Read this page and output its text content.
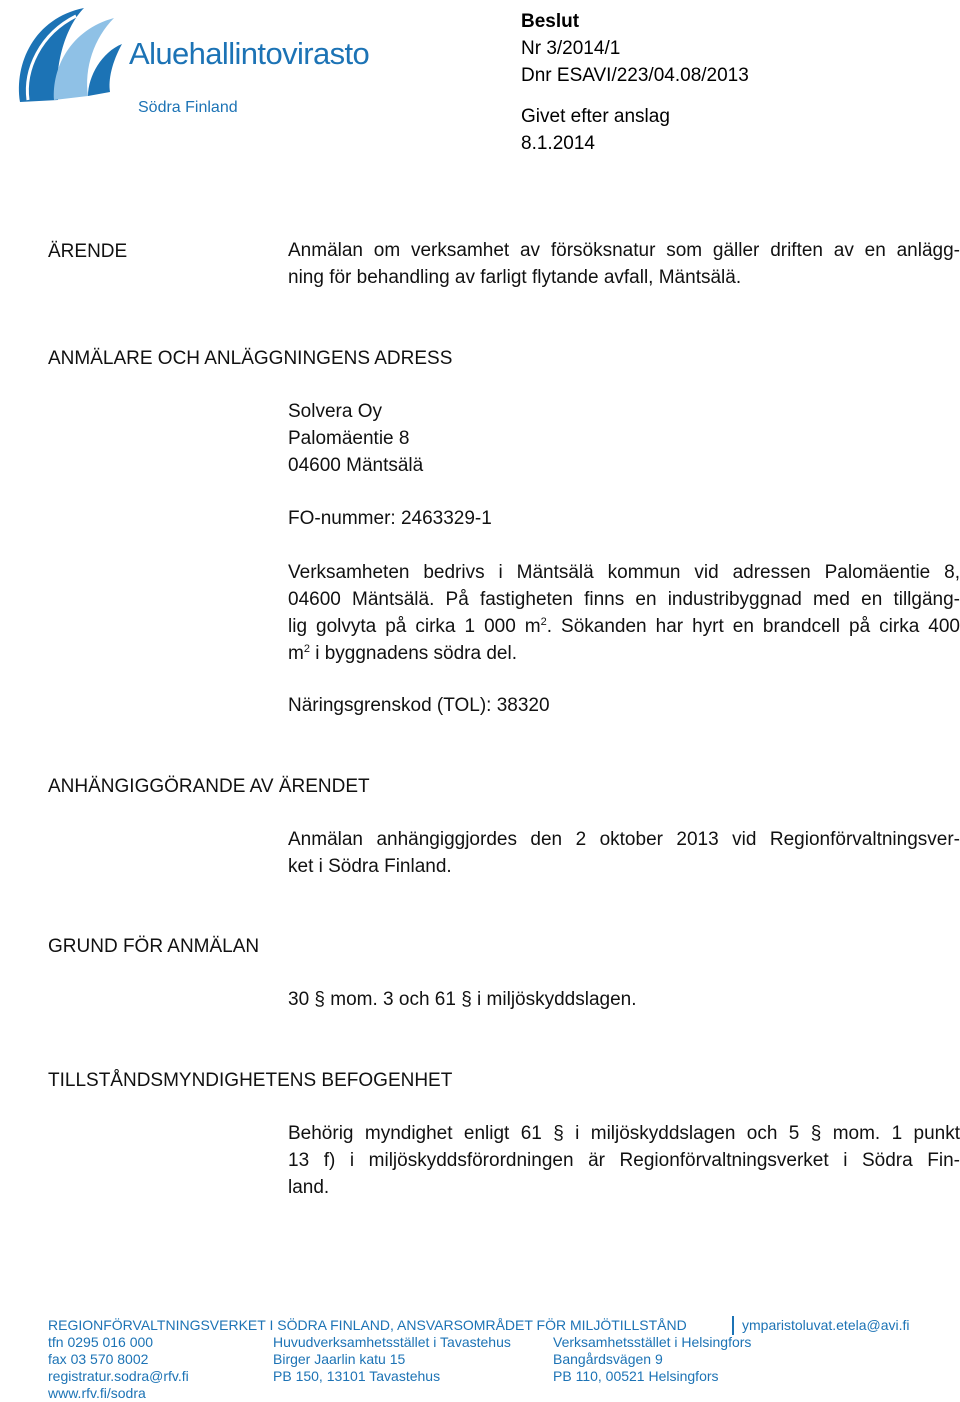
Aluehallintovirasto
Södra Finland
Beslut
Nr 3/2014/1
Dnr ESAVI/223/04.08/2013
Givet efter anslag
8.1.2014
ÄRENDE	Anmälan om verksamhet av försöksnatur som gäller driften av en anlägg-
ning för behandling av farligt flytande avfall, Mäntsälä.
ANMÄLARE OCH ANLÄGGNINGENS ADRESS
Solvera Oy
Palomäentie 8
04600 Mäntsälä
FO-nummer: 2463329-1
Verksamheten bedrivs i Mäntsälä kommun vid adressen Palomäentie 8,
04600 Mäntsälä. På fastigheten finns en industribyggnad med en tillgäng-
lig golvyta på cirka 1 000 $m^2$. Sökanden har hyrt en brandcell på cirka 400
$m^2$ i byggnadens södra del.
Näringsgrenskod (TOL): 38320
ANHÄNGIGGÖRANDE AV ÄRENDET
Anmälan anhängiggjordes den 2 oktober 2013 vid Regionförvaltningsver-
ket i Södra Finland.
GRUND FÖR ANMÄLAN
30 § mom. 3 och 61 § i miljöskyddslagen.
TILLSTÅNDSMYNDIGHETENS BEFOGENHET
Behörig myndighet enligt 61 § i miljöskyddslagen och 5 § mom. 1 punkt
13 f) i miljöskyddsförordningen är Regionförvaltningsverket i Södra Fin-
land.
REGIONFÖRVALTNINGSVERKET I SÖDRA FINLAND, ANSVARSOMRÅDET FÖR MILJÖTILLSTÅND	ymparistoluvat.etela@avi.fi
tfn 0295 016 000
fax 03 570 8002
registratur.sodra@rfv.fi
www.rfv.fi/sodra
Huvudverksamhetsstället i Tavastehus
Birger Jaarlin katu 15
PB 150, 13101 Tavastehus
Verksamhetsstället i Helsingfors
Bangårdsvägen 9
PB 110, 00521 Helsingfors
